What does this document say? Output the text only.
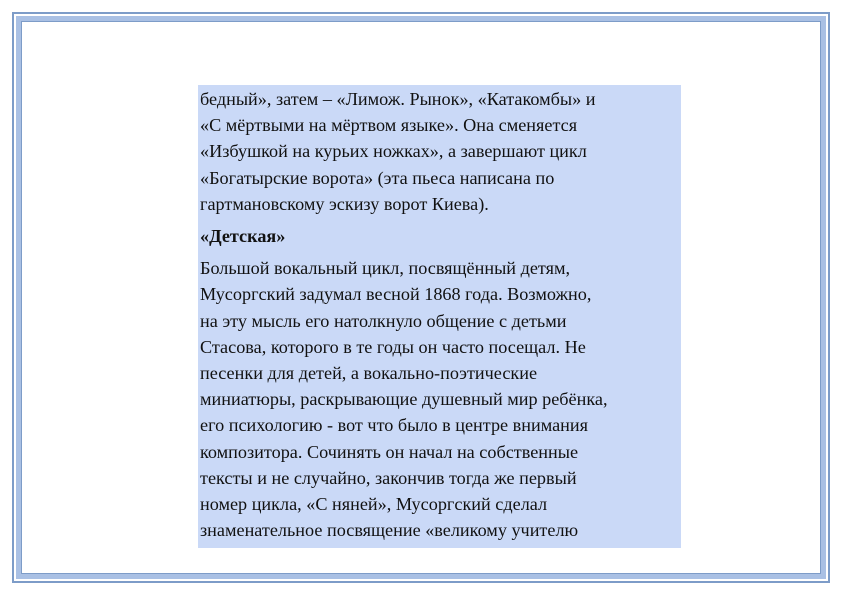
бедный», затем – «Лимож. Рынок», «Катакомбы» и
«С мёртвыми на мёртвом языке». Она сменяется
«Избушкой на курьих ножках», а завершают цикл
«Богатырские ворота» (эта пьеса написана по
гартмановскому эскизу ворот Киева).

«Детская»

Большой вокальный цикл, посвящённый детям,
Мусоргский задумал весной 1868 года. Возможно,
на эту мысль его натолкнуло общение с детьми
Стасова, которого в те годы он часто посещал. Не
песенки для детей, а вокально-поэтические
миниатюры, раскрывающие душевный мир ребёнка,
его психологию - вот что было в центре внимания
композитора. Сочинять он начал на собственные
тексты и не случайно, закончив тогда же первый
номер цикла, «С няней», Мусоргский сделал
знаменательное посвящение «великому учителю
